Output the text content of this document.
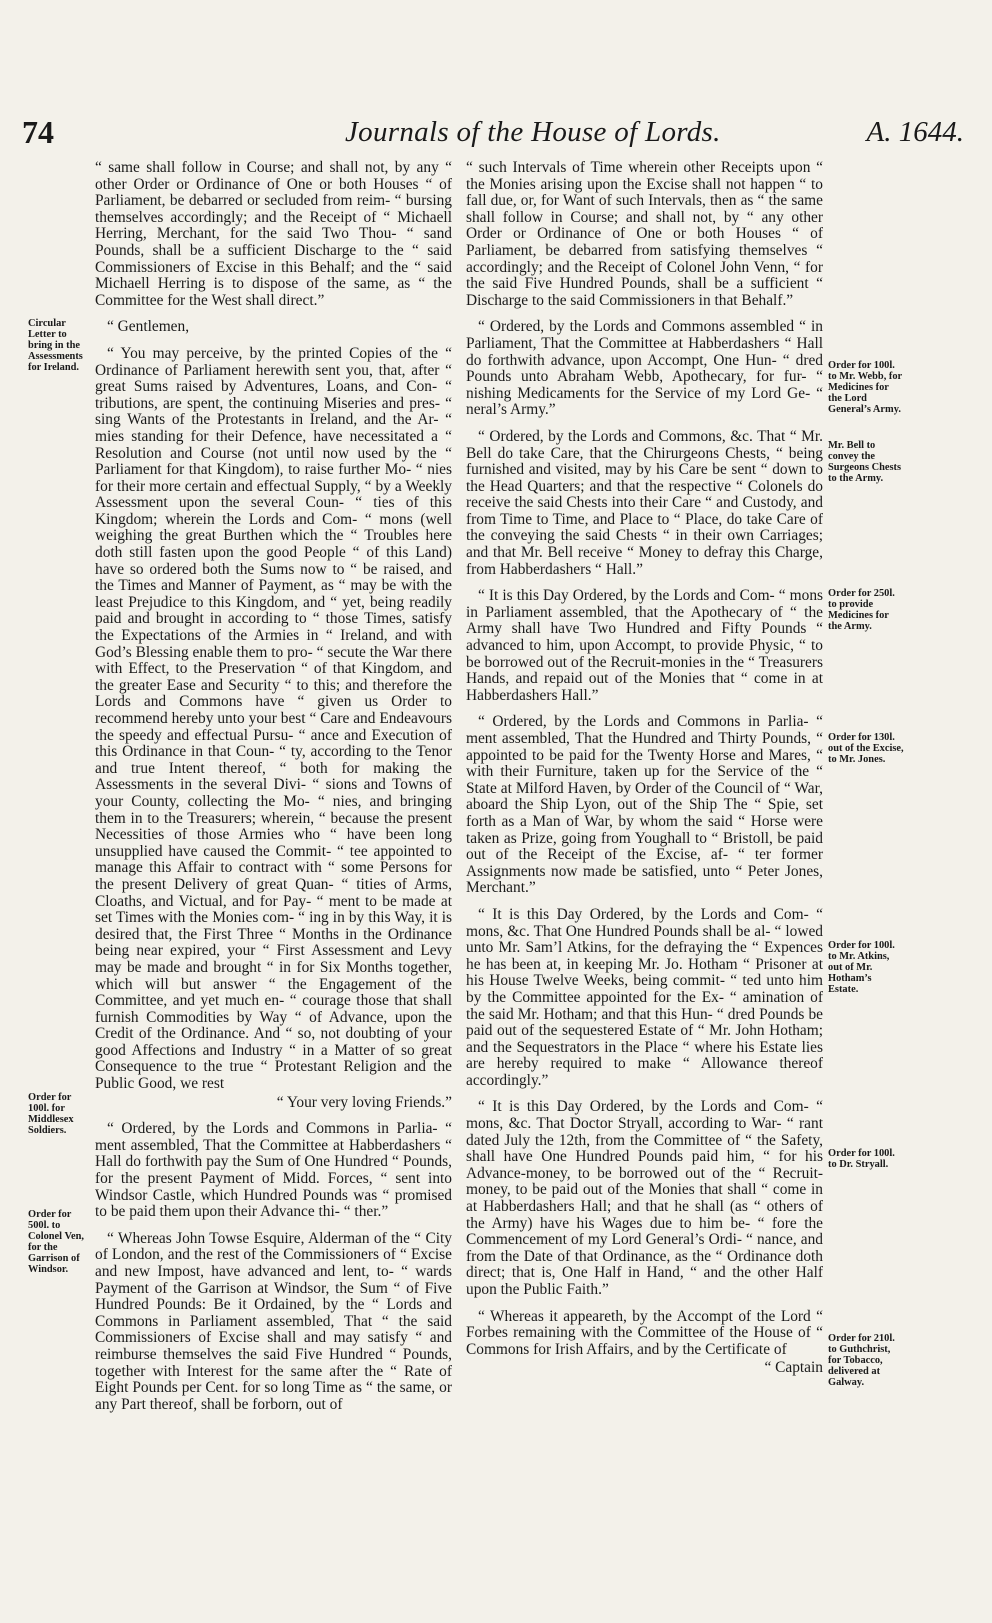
74	Journals of the House of Lords.	A. 1644.
Circular Letter to bring in the Assessments for Ireland.
Order for 100l. for Middlesex Soldiers.
Order for 500l. to Colonel Ven, for the Garrison of Windsor.

“ same shall follow in Course; and shall not, by any “ other Order or Ordinance of One or both Houses “ of Parliament, be debarred or secluded from reim- “ bursing themselves accordingly; and the Receipt of “ Michaell Herring, Merchant, for the said Two Thou- “ sand Pounds, shall be a sufficient Discharge to the “ said Commissioners of Excise in this Behalf; and the “ said Michaell Herring is to dispose of the same, as “ the Committee for the West shall direct.”

“ Gentlemen,

“ You may perceive, by the printed Copies of the “ Ordinance of Parliament herewith sent you, that, after “ great Sums raised by Adventures, Loans, and Con- “ tributions, are spent, the continuing Miseries and pres- “ sing Wants of the Protestants in Ireland, and the Ar- “ mies standing for their Defence, have necessitated a “ Resolution and Course (not until now used by the “ Parliament for that Kingdom), to raise further Mo- “ nies for their more certain and effectual Supply, “ by a Weekly Assessment upon the several Coun- “ ties of this Kingdom; wherein the Lords and Com- “ mons (well weighing the great Burthen which the “ Troubles here doth still fasten upon the good People “ of this Land) have so ordered both the Sums now to “ be raised, and the Times and Manner of Payment, as “ may be with the least Prejudice to this Kingdom, and “ yet, being readily paid and brought in according to “ those Times, satisfy the Expectations of the Armies in “ Ireland, and with God’s Blessing enable them to pro- “ secute the War there with Effect, to the Preservation “ of that Kingdom, and the greater Ease and Security “ to this; and therefore the Lords and Commons have “ given us Order to recommend hereby unto your best “ Care and Endeavours the speedy and effectual Pursu- “ ance and Execution of this Ordinance in that Coun- “ ty, according to the Tenor and true Intent thereof, “ both for making the Assessments in the several Divi- “ sions and Towns of your County, collecting the Mo- “ nies, and bringing them in to the Treasurers; wherein, “ because the present Necessities of those Armies who “ have been long unsupplied have caused the Commit- “ tee appointed to manage this Affair to contract with “ some Persons for the present Delivery of great Quan- “ tities of Arms, Cloaths, and Victual, and for Pay- “ ment to be made at set Times with the Monies com- “ ing in by this Way, it is desired that, the First Three “ Months in the Ordinance being near expired, your “ First Assessment and Levy may be made and brought “ in for Six Months together, which will but answer “ the Engagement of the Committee, and yet much en- “ courage those that shall furnish Commodities by Way “ of Advance, upon the Credit of the Ordinance. And “ so, not doubting of your good Affections and Industry “ in a Matter of so great Consequence to the true “ Protestant Religion and the Public Good, we rest

“ Your very loving Friends.”

“ Ordered, by the Lords and Commons in Parlia- “ ment assembled, That the Committee at Habberdashers “ Hall do forthwith pay the Sum of One Hundred “ Pounds, for the present Payment of Midd. Forces, “ sent into Windsor Castle, which Hundred Pounds was “ promised to be paid them upon their Advance thi- “ ther.”

“ Whereas John Towse Esquire, Alderman of the “ City of London, and the rest of the Commissioners of “ Excise and new Impost, have advanced and lent, to- “ wards Payment of the Garrison at Windsor, the Sum “ of Five Hundred Pounds: Be it Ordained, by the “ Lords and Commons in Parliament assembled, That “ the said Commissioners of Excise shall and may satisfy “ and reimburse themselves the said Five Hundred “ Pounds, together with Interest for the same after the “ Rate of Eight Pounds per Cent. for so long Time as “ the same, or any Part thereof, shall be forborn, out of

“ such Intervals of Time wherein other Receipts upon “ the Monies arising upon the Excise shall not happen “ to fall due, or, for Want of such Intervals, then as “ the same shall follow in Course; and shall not, by “ any other Order or Ordinance of One or both Houses “ of Parliament, be debarred from satisfying themselves “ accordingly; and the Receipt of Colonel John Venn, “ for the said Five Hundred Pounds, shall be a sufficient “ Discharge to the said Commissioners in that Behalf.”

“ Ordered, by the Lords and Commons assembled “ in Parliament, That the Committee at Habberdashers “ Hall do forthwith advance, upon Accompt, One Hun- “ dred Pounds unto Abraham Webb, Apothecary, for fur- “ nishing Medicaments for the Service of my Lord Ge- “ neral’s Army.”

“ Ordered, by the Lords and Commons, &c. That “ Mr. Bell do take Care, that the Chirurgeons Chests, “ being furnished and visited, may by his Care be sent “ down to the Head Quarters; and that the respective “ Colonels do receive the said Chests into their Care “ and Custody, and from Time to Time, and Place to “ Place, do take Care of the conveying the said Chests “ in their own Carriages; and that Mr. Bell receive “ Money to defray this Charge, from Habberdashers “ Hall.”

“ It is this Day Ordered, by the Lords and Com- “ mons in Parliament assembled, that the Apothecary of “ the Army shall have Two Hundred and Fifty Pounds “ advanced to him, upon Accompt, to provide Physic, “ to be borrowed out of the Recruit-monies in the “ Treasurers Hands, and repaid out of the Monies that “ come in at Habberdashers Hall.”

“ Ordered, by the Lords and Commons in Parlia- “ ment assembled, That the Hundred and Thirty Pounds, “ appointed to be paid for the Twenty Horse and Mares, “ with their Furniture, taken up for the Service of the “ State at Milford Haven, by Order of the Council of “ War, aboard the Ship Lyon, out of the Ship The “ Spie, set forth as a Man of War, by whom the said “ Horse were taken as Prize, going from Youghall to “ Bristoll, be paid out of the Receipt of the Excise, af- “ ter former Assignments now made be satisfied, unto “ Peter Jones, Merchant.”

“ It is this Day Ordered, by the Lords and Com- “ mons, &c. That One Hundred Pounds shall be al- “ lowed unto Mr. Sam’l Atkins, for the defraying the “ Expences he has been at, in keeping Mr. Jo. Hotham “ Prisoner at his House Twelve Weeks, being commit- “ ted unto him by the Committee appointed for the Ex- “ amination of the said Mr. Hotham; and that this Hun- “ dred Pounds be paid out of the sequestered Estate of “ Mr. John Hotham; and the Sequestrators in the Place “ where his Estate lies are hereby required to make “ Allowance thereof accordingly.”

“ It is this Day Ordered, by the Lords and Com- “ mons, &c. That Doctor Stryall, according to War- “ rant dated July the 12th, from the Committee of “ the Safety, shall have One Hundred Pounds paid him, “ for his Advance-money, to be borrowed out of the “ Recruit-money, to be paid out of the Monies that shall “ come in at Habberdashers Hall; and that he shall (as “ others of the Army) have his Wages due to him be- “ fore the Commencement of my Lord General’s Ordi- “ nance, and from the Date of that Ordinance, as the “ Ordinance doth direct; that is, One Half in Hand, “ and the other Half upon the Public Faith.”

“ Whereas it appeareth, by the Accompt of the Lord “ Forbes remaining with the Committee of the House of “ Commons for Irish Affairs, and by the Certificate of

“ Captain

Order for 100l. to Mr. Webb, for Medicines for the Lord General’s Army.
Mr. Bell to convey the Surgeons Chests to the Army.
Order for 250l. to provide Medicines for the Army.
Order for 130l. out of the Excise, to Mr. Jones.
Order for 100l. to Mr. Atkins, out of Mr. Hotham’s Estate.
Order for 100l. to Dr. Stryall.
Order for 210l. to Guthchrist, for Tobacco, delivered at Galway.
